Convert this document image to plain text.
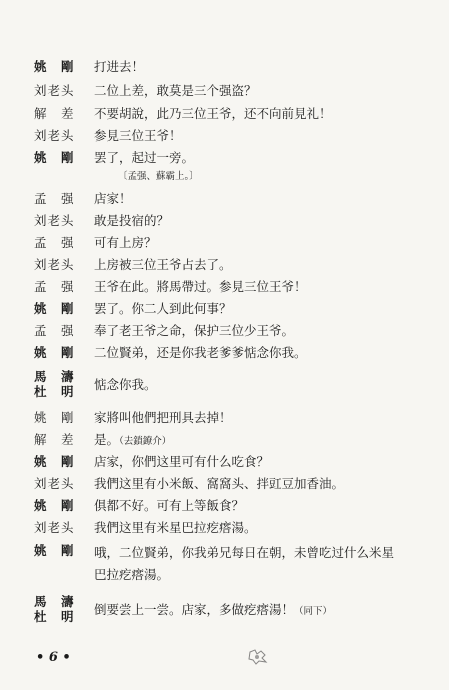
姚　剛	打进去！
刘老头	二位上差，敢莫是三个强盗？
解　差	不要胡說，此乃三位王爷，还不向前見礼！
刘老头	参見三位王爷！
姚　剛	罢了，起过一旁。
〔孟强、蘇霸上。〕
孟　强	店家！
刘老头	敢是投宿的？
孟　强	可有上房？
刘老头	上房被三位王爷占去了。
孟　强	王爷在此。將馬帶过。参見三位王爷！
姚　剛	罢了。你二人到此何事？
孟　强	奉了老王爷之命，保护三位少王爷。
姚　剛	二位賢弟，还是你我老爹爹惦念你我。
馬　濤
杜　明	惦念你我。
姚　剛	家將叫他們把刑具去掉！
解　差	是。（去鎖鐐介）
姚　剛	店家，你們这里可有什么吃食？
刘老头	我們这里有小米飯、窩窩头、拌豇豆加香油。
姚　剛	俱都不好。可有上等飯食？
刘老头	我們这里有米星巴拉疙瘩湯。
姚　剛	哦，二位賢弟，你我弟兄每日在朝，未曾吃过什么米星巴拉疙瘩湯。
馬　濤
杜　明	倒要尝上一尝。店家，多做疙瘩湯！（同下）
• 6 •
